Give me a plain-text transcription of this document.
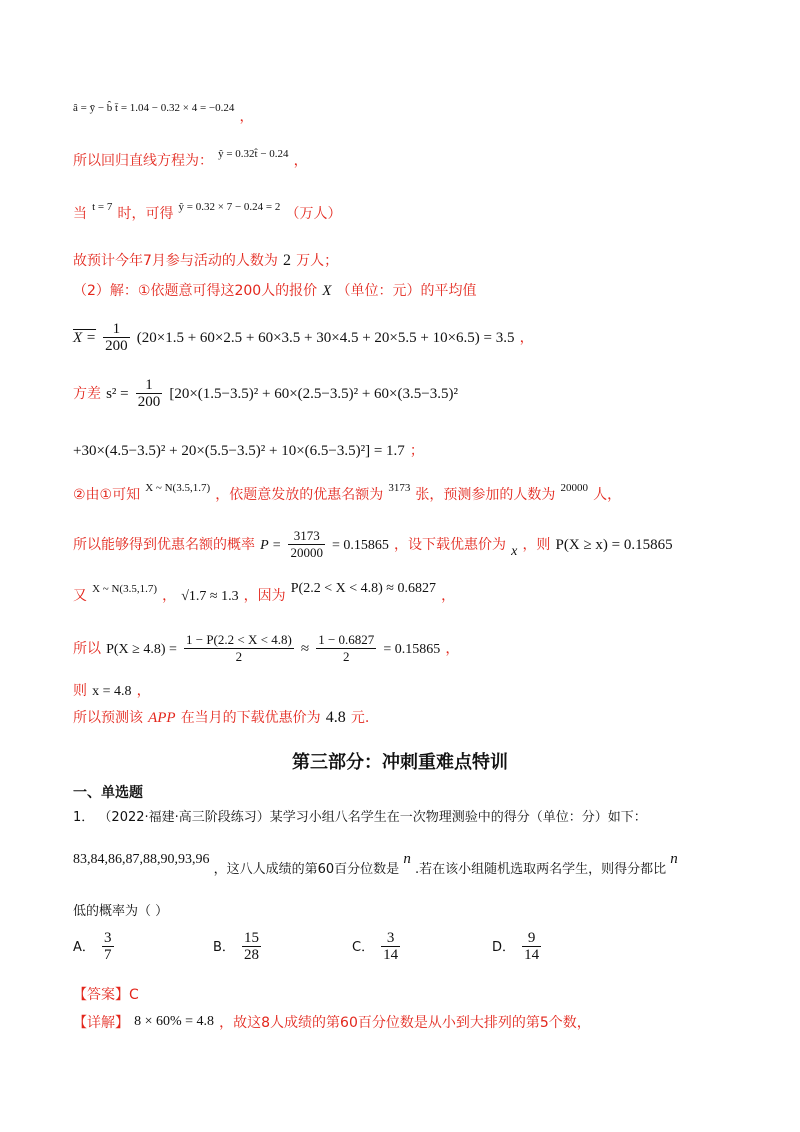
â = ȳ − b̂ t̄ = 1.04 − 0.32 × 4 = −0.24 ，
所以回归直线方程为： $^{ŷ = 0.32t̂ - 0.24}$ ，
当 $^{t = 7}$ 时，可得 $^{ŷ = 0.32 \times 7 - 0.24 = 2}$ （万人）
故预计今年7月参与活动的人数为 2 万人；
（2）解：①依题意可得这200人的报价 X （单位：元）的平均值
$X = \frac{1}{200} (20\times 1.5 + 60\times 2.5 + 60\times 3.5 + 30\times 4.5 + 20\times 5.5 + 10\times 6.5) = 3.5$ ，
方差 $s^2 = \frac{1}{200} [20\times(1.5-3.5)^2 + 60\times(2.5-3.5)^2 + 60\times(3.5-3.5)^2$
+30×(4.5−3.5)² + 20×(5.5−3.5)² + 10×(6.5−3.5)²] = 1.7 ；
②由①可知 $^{X \sim N(3.5,1.7)}$ ，依题意发放的优惠名额为 $^{3173}$ 张，预测参加的人数为 $^{20000}$ 人，
所以能够得到优惠名额的概率 $P = \frac{3173}{20000} = 0.15865$ ，设下载优惠价为 x ，则 P(X ≥ x) = 0.15865
又 $^{X \sim N(3.5,1.7)}$ ， √1.7 ≈ 1.3 ，因为 P(2.2 < X < 4.8) ≈ 0.6827 ，
所以 $P(X \ge 4.8) = \frac{1 - P(2.2 < X < 4.8)}{2} \approx \frac{1 - 0.6827}{2} = 0.15865$ ，
则 x = 4.8 ，
所以预测该 APP 在当月的下载优惠价为 4.8 元.
第三部分：冲刺重难点特训
一、单选题
1． （2022·福建·高三阶段练习）某学习小组八名学生在一次物理测验中的得分（单位：分）如下：
83,84,86,87,88,90,93,96 ，这八人成绩的第60百分位数是 n .若在该小组随机选取两名学生，则得分都比 n
低的概率为（ ）
A． $\frac{3}{7}$	B． $\frac{15}{28}$	C． $\frac{3}{14}$	D． $\frac{9}{14}$
【答案】C
【详解】 8 × 60% = 4.8 ，故这8人成绩的第60百分位数是从小到大排列的第5个数，
